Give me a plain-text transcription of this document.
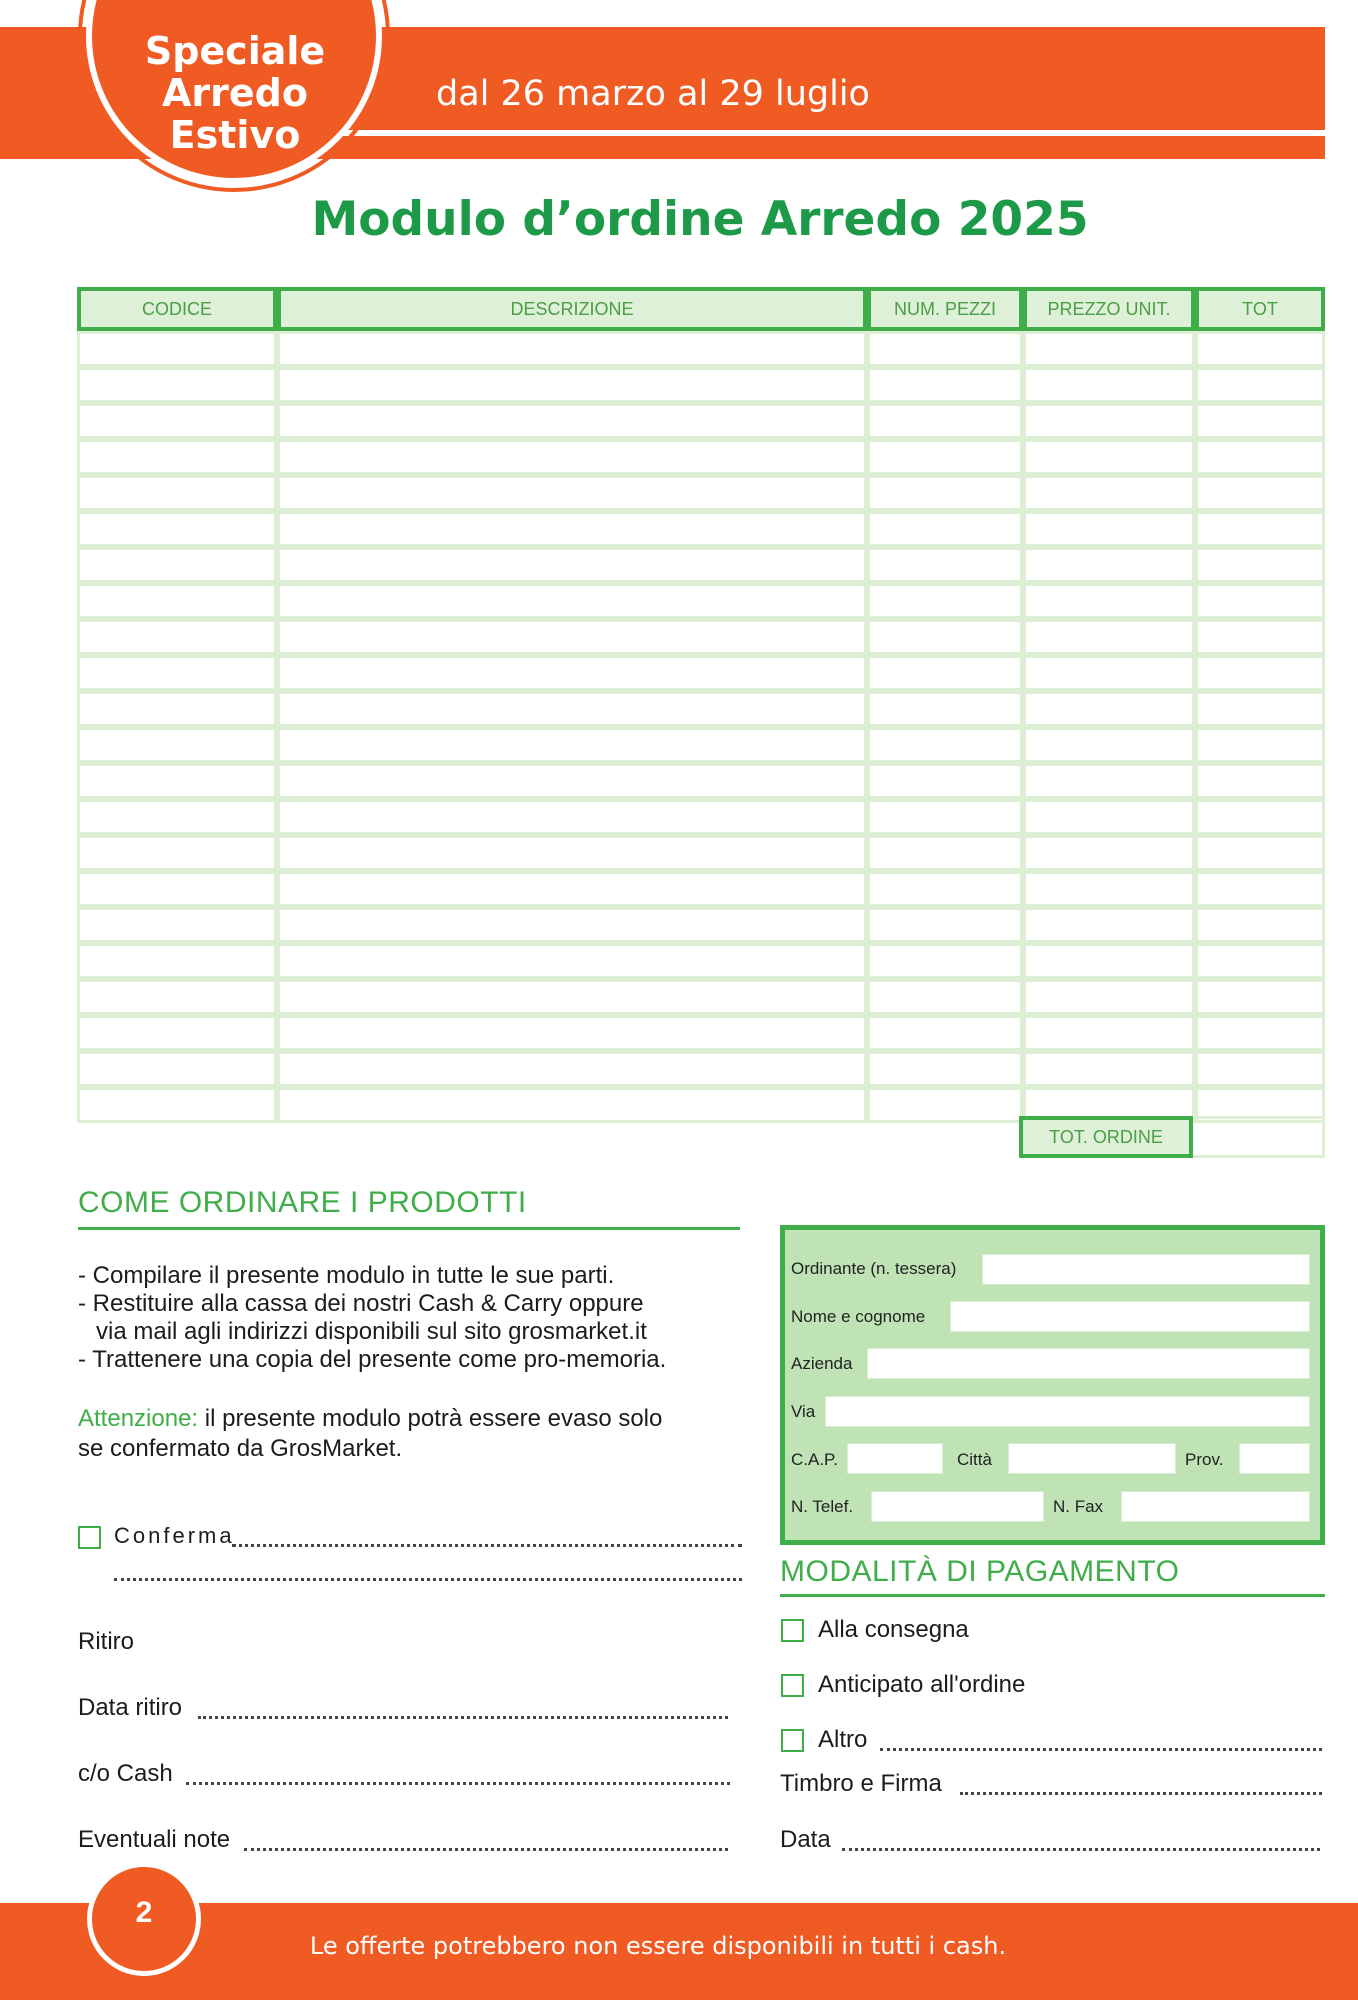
Speciale
Arredo
Estivo
dal 26 marzo al 29 luglio
Modulo d’ordine Arredo 2025
CODICE	DESCRIZIONE	NUM. PEZZI	PREZZO UNIT.	TOT

TOT. ORDINE
COME ORDINARE I PRODOTTI
- Compilare il presente modulo in tutte le sue parti.
- Restituire alla cassa dei nostri Cash & Carry oppure
via mail agli indirizzi disponibili sul sito grosmarket.it
- Trattenere una copia del presente come pro-memoria.
Attenzione: il presente modulo potrà essere evaso solo
se confermato da GrosMarket.
Conferma
Ritiro
Data ritiro
c/o Cash
Eventuali note
Ordinante (n. tessera)
Nome e cognome
Azienda
Via
C.A.P.	Città	Prov.
N. Telef.	N. Fax
MODALITÀ DI PAGAMENTO
Alla consegna
Anticipato all'ordine
Altro
Timbro e Firma
Data
Le offerte potrebbero non essere disponibili in tutti i cash.
2
